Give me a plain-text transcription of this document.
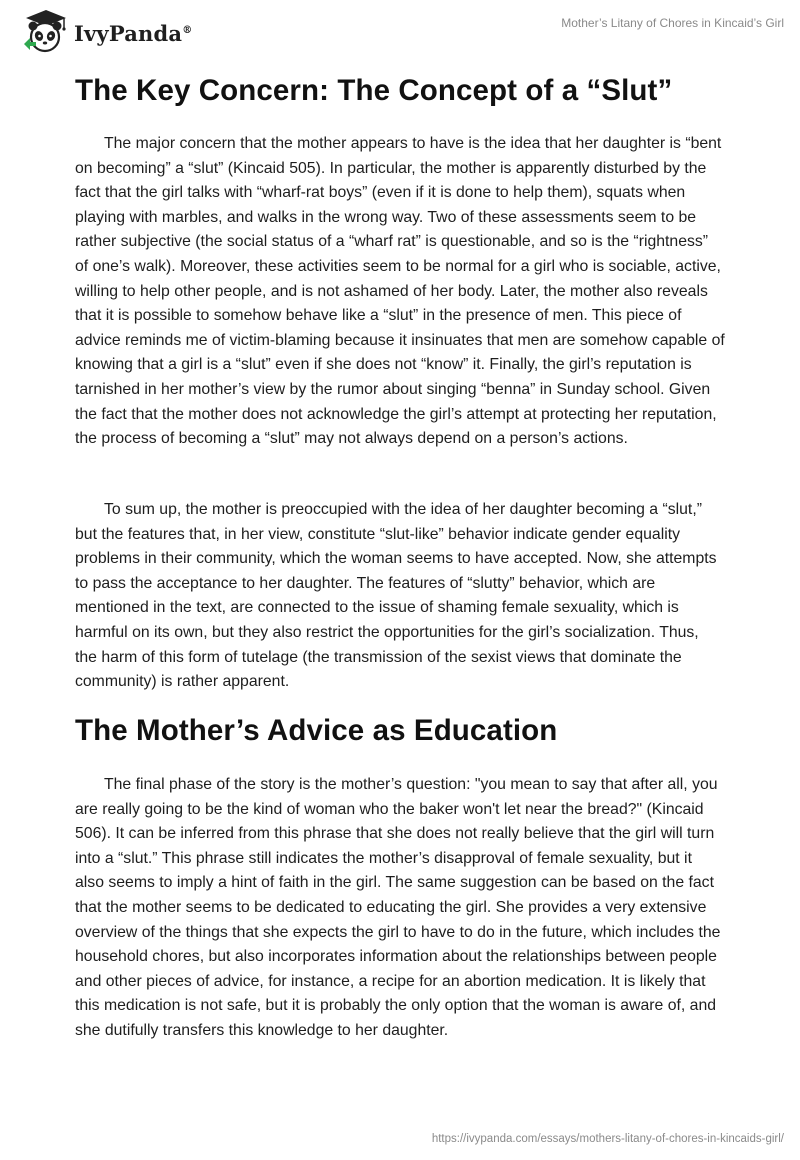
IvyPanda®	Mother’s Litany of Chores in Kincaid’s Girl
The Key Concern: The Concept of a “Slut”

The major concern that the mother appears to have is the idea that her daughter is “bent on becoming” a “slut” (Kincaid 505). In particular, the mother is apparently disturbed by the fact that the girl talks with “wharf-rat boys” (even if it is done to help them), squats when playing with marbles, and walks in the wrong way. Two of these assessments seem to be rather subjective (the social status of a “wharf rat” is questionable, and so is the “rightness” of one’s walk). Moreover, these activities seem to be normal for a girl who is sociable, active, willing to help other people, and is not ashamed of her body. Later, the mother also reveals that it is possible to somehow behave like a “slut” in the presence of men. This piece of advice reminds me of victim-blaming because it insinuates that men are somehow capable of knowing that a girl is a “slut” even if she does not “know” it. Finally, the girl’s reputation is tarnished in her mother’s view by the rumor about singing “benna” in Sunday school. Given the fact that the mother does not acknowledge the girl’s attempt at protecting her reputation, the process of becoming a “slut” may not always depend on a person’s actions.

To sum up, the mother is preoccupied with the idea of her daughter becoming a “slut,” but the features that, in her view, constitute “slut-like” behavior indicate gender equality problems in their community, which the woman seems to have accepted. Now, she attempts to pass the acceptance to her daughter. The features of “slutty” behavior, which are mentioned in the text, are connected to the issue of shaming female sexuality, which is harmful on its own, but they also restrict the opportunities for the girl’s socialization. Thus, the harm of this form of tutelage (the transmission of the sexist views that dominate the community) is rather apparent.

The Mother’s Advice as Education

The final phase of the story is the mother’s question: "you mean to say that after all, you are really going to be the kind of woman who the baker won't let near the bread?" (Kincaid 506). It can be inferred from this phrase that she does not really believe that the girl will turn into a “slut.” This phrase still indicates the mother’s disapproval of female sexuality, but it also seems to imply a hint of faith in the girl. The same suggestion can be based on the fact that the mother seems to be dedicated to educating the girl. She provides a very extensive overview of the things that she expects the girl to have to do in the future, which includes the household chores, but also incorporates information about the relationships between people and other pieces of advice, for instance, a recipe for an abortion medication. It is likely that this medication is not safe, but it is probably the only option that the woman is aware of, and she dutifully transfers this knowledge to her daughter.

https://ivypanda.com/essays/mothers-litany-of-chores-in-kincaids-girl/
